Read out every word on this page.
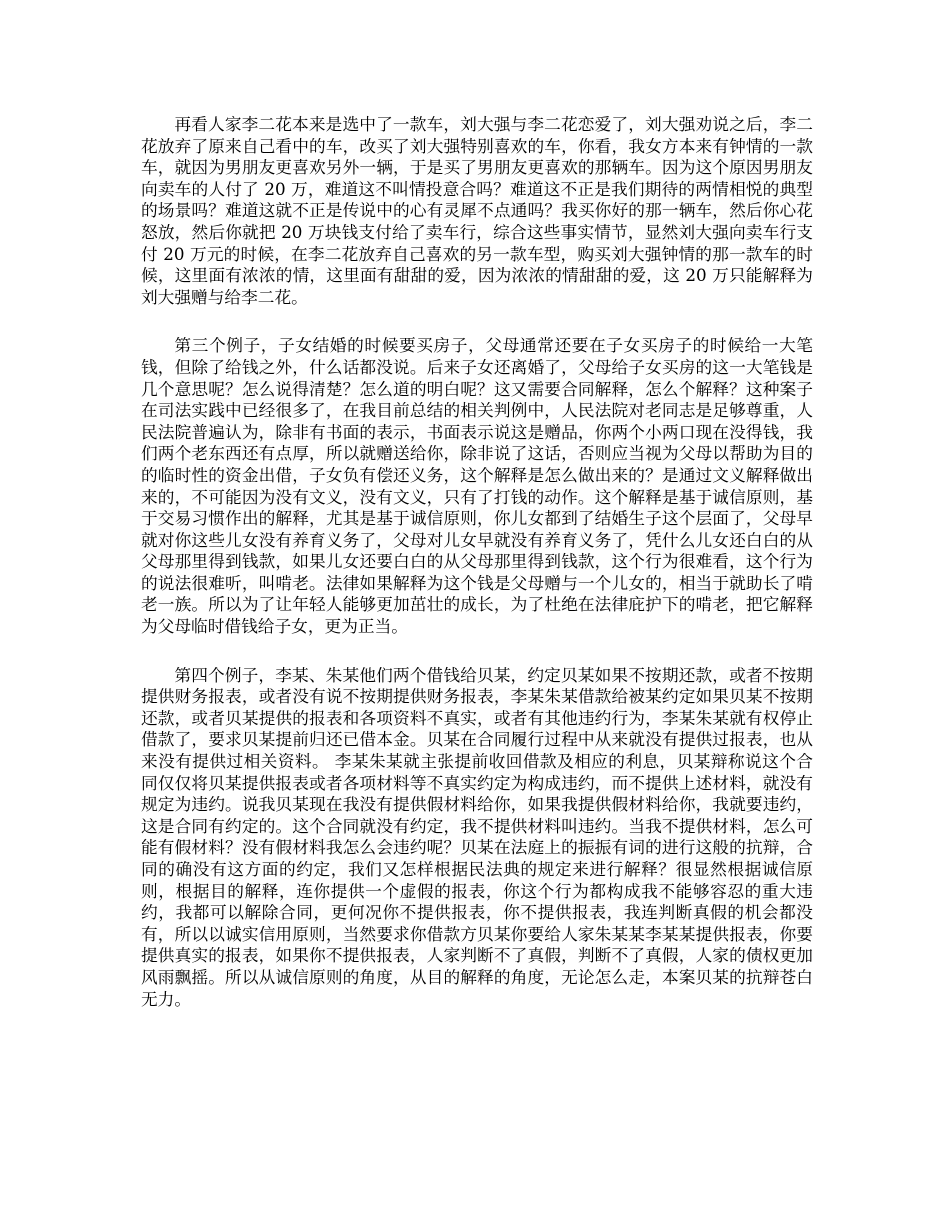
再看人家李二花本来是选中了一款车，刘大强与李二花恋爱了，刘大强劝说之后，李二花放弃了原来自己看中的车，改买了刘大强特别喜欢的车，你看，我女方本来有钟情的一款车，就因为男朋友更喜欢另外一辆，于是买了男朋友更喜欢的那辆车。因为这个原因男朋友向卖车的人付了 20 万，难道这不叫情投意合吗？难道这不正是我们期待的两情相悦的典型的场景吗？难道这就不正是传说中的心有灵犀不点通吗？我买你好的那一辆车，然后你心花怒放，然后你就把 20 万块钱支付给了卖车行，综合这些事实情节，显然刘大强向卖车行支付 20 万元的时候，在李二花放弃自己喜欢的另一款车型，购买刘大强钟情的那一款车的时候，这里面有浓浓的情，这里面有甜甜的爱，因为浓浓的情甜甜的爱，这 20 万只能解释为刘大强赠与给李二花。

第三个例子，子女结婚的时候要买房子，父母通常还要在子女买房子的时候给一大笔钱，但除了给钱之外，什么话都没说。后来子女还离婚了，父母给子女买房的这一大笔钱是几个意思呢？怎么说得清楚？怎么道的明白呢？这又需要合同解释，怎么个解释？这种案子在司法实践中已经很多了，在我目前总结的相关判例中，人民法院对老同志是足够尊重，人民法院普遍认为，除非有书面的表示，书面表示说这是赠品，你两个小两口现在没得钱，我们两个老东西还有点厚，所以就赠送给你，除非说了这话，否则应当视为父母以帮助为目的的临时性的资金出借，子女负有偿还义务，这个解释是怎么做出来的？是通过文义解释做出来的，不可能因为没有文义，没有文义，只有了打钱的动作。这个解释是基于诚信原则，基于交易习惯作出的解释，尤其是基于诚信原则，你儿女都到了结婚生子这个层面了，父母早就对你这些儿女没有养育义务了，父母对儿女早就没有养育义务了，凭什么儿女还白白的从父母那里得到钱款，如果儿女还要白白的从父母那里得到钱款，这个行为很难看，这个行为的说法很难听，叫啃老。法律如果解释为这个钱是父母赠与一个儿女的，相当于就助长了啃老一族。所以为了让年轻人能够更加茁壮的成长，为了杜绝在法律庇护下的啃老，把它解释为父母临时借钱给子女，更为正当。

第四个例子，李某、朱某他们两个借钱给贝某，约定贝某如果不按期还款，或者不按期提供财务报表，或者没有说不按期提供财务报表，李某朱某借款给被某约定如果贝某不按期还款，或者贝某提供的报表和各项资料不真实，或者有其他违约行为，李某朱某就有权停止借款了，要求贝某提前归还已借本金。贝某在合同履行过程中从来就没有提供过报表，也从来没有提供过相关资料。 李某朱某就主张提前收回借款及相应的利息，贝某辩称说这个合同仅仅将贝某提供报表或者各项材料等不真实约定为构成违约，而不提供上述材料，就没有规定为违约。说我贝某现在我没有提供假材料给你，如果我提供假材料给你，我就要违约，这是合同有约定的。这个合同就没有约定，我不提供材料叫违约。当我不提供材料，怎么可能有假材料？没有假材料我怎么会违约呢？贝某在法庭上的振振有词的进行这般的抗辩，合同的确没有这方面的约定，我们又怎样根据民法典的规定来进行解释？很显然根据诚信原则，根据目的解释，连你提供一个虚假的报表，你这个行为都构成我不能够容忍的重大违约，我都可以解除合同，更何况你不提供报表，你不提供报表，我连判断真假的机会都没有，所以以诚实信用原则，当然要求你借款方贝某你要给人家朱某某李某某提供报表，你要提供真实的报表，如果你不提供报表，人家判断不了真假，判断不了真假，人家的债权更加风雨飘摇。所以从诚信原则的角度，从目的解释的角度，无论怎么走，本案贝某的抗辩苍白无力。
